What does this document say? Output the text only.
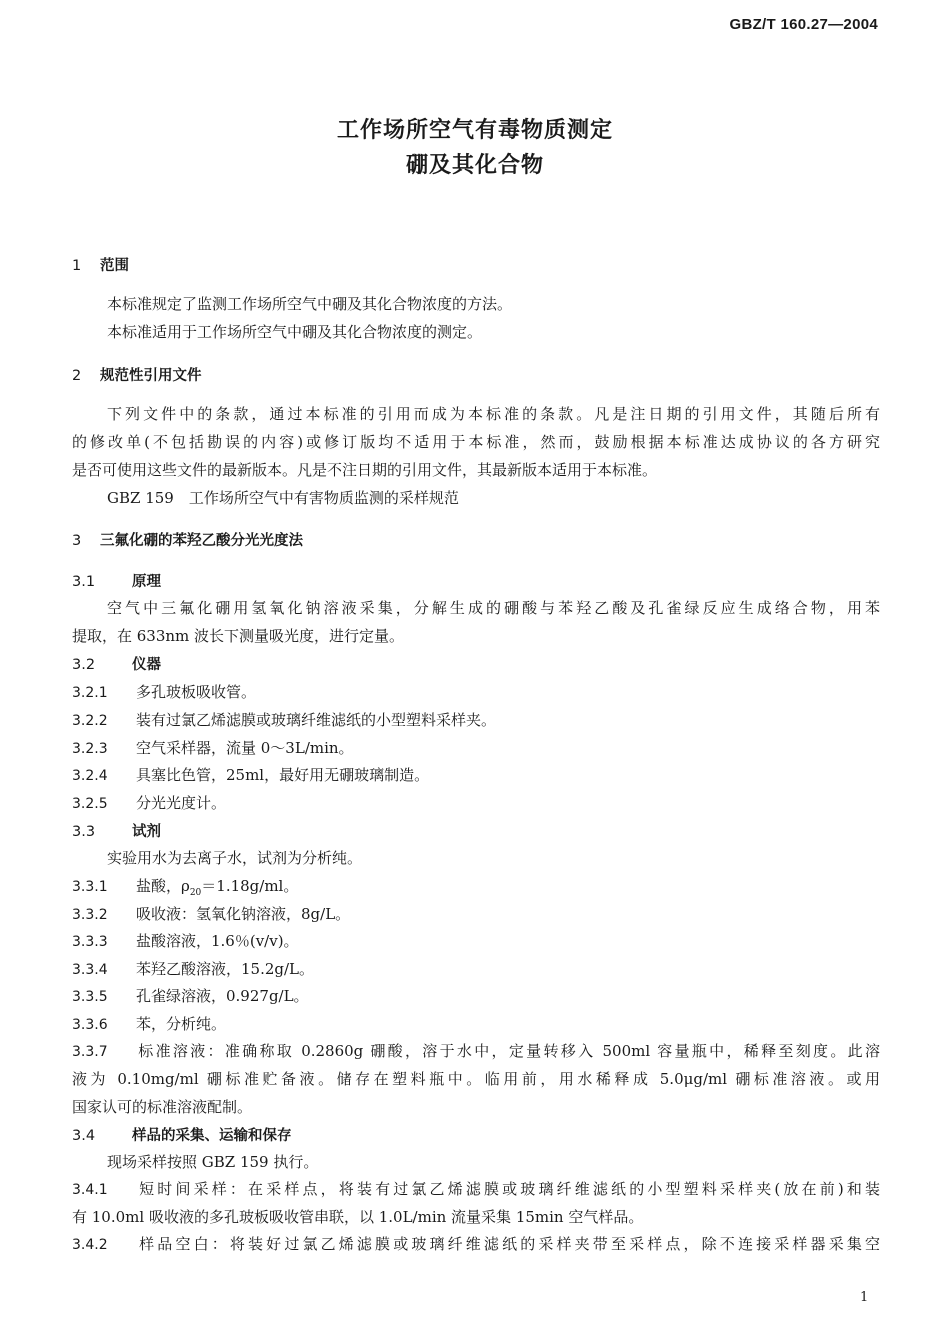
GBZ/T 160.27—2004
工作场所空气有毒物质测定
硼及其化合物
1 范围
本标准规定了监测工作场所空气中硼及其化合物浓度的方法。
本标准适用于工作场所空气中硼及其化合物浓度的测定。
2 规范性引用文件
下列文件中的条款，通过本标准的引用而成为本标准的条款。凡是注日期的引用文件，其随后所有
的修改单(不包括勘误的内容)或修订版均不适用于本标准，然而，鼓励根据本标准达成协议的各方研究
是否可使用这些文件的最新版本。凡是不注日期的引用文件，其最新版本适用于本标准。
GBZ 159　工作场所空气中有害物质监测的采样规范
3 三氟化硼的苯羟乙酸分光光度法
3.1	原理
空气中三氟化硼用氢氧化钠溶液采集，分解生成的硼酸与苯羟乙酸及孔雀绿反应生成络合物，用苯
提取，在 633nm 波长下测量吸光度，进行定量。
3.2	仪器
3.2.1 多孔玻板吸收管。
3.2.2 装有过氯乙烯滤膜或玻璃纤维滤纸的小型塑料采样夹。
3.2.3 空气采样器，流量 0～3L/min。
3.2.4 具塞比色管，25ml，最好用无硼玻璃制造。
3.2.5 分光光度计。
3.3	试剂
实验用水为去离子水，试剂为分析纯。
3.3.1 盐酸，$\rho_{20}=1.18g/ml$。
3.3.2 吸收液：氢氧化钠溶液，8g/L。
3.3.3 盐酸溶液，1.6％(v/v)。
3.3.4 苯羟乙酸溶液，15.2g/L。
3.3.5 孔雀绿溶液，0.927g/L。
3.3.6 苯，分析纯。
3.3.7 标准溶液：准确称取 0.2860g 硼酸，溶于水中，定量转移入 500ml 容量瓶中，稀释至刻度。此溶
液为 0.10mg/ml 硼标准贮备液。储存在塑料瓶中。临用前，用水稀释成 5.0μg/ml 硼标准溶液。或用
国家认可的标准溶液配制。
3.4	样品的采集、运输和保存
现场采样按照 GBZ 159 执行。
3.4.1 短时间采样：在采样点，将装有过氯乙烯滤膜或玻璃纤维滤纸的小型塑料采样夹(放在前)和装
有 10.0ml 吸收液的多孔玻板吸收管串联，以 1.0L/min 流量采集 15min 空气样品。
3.4.2 样品空白：将装好过氯乙烯滤膜或玻璃纤维滤纸的采样夹带至采样点，除不连接采样器采集空
1
